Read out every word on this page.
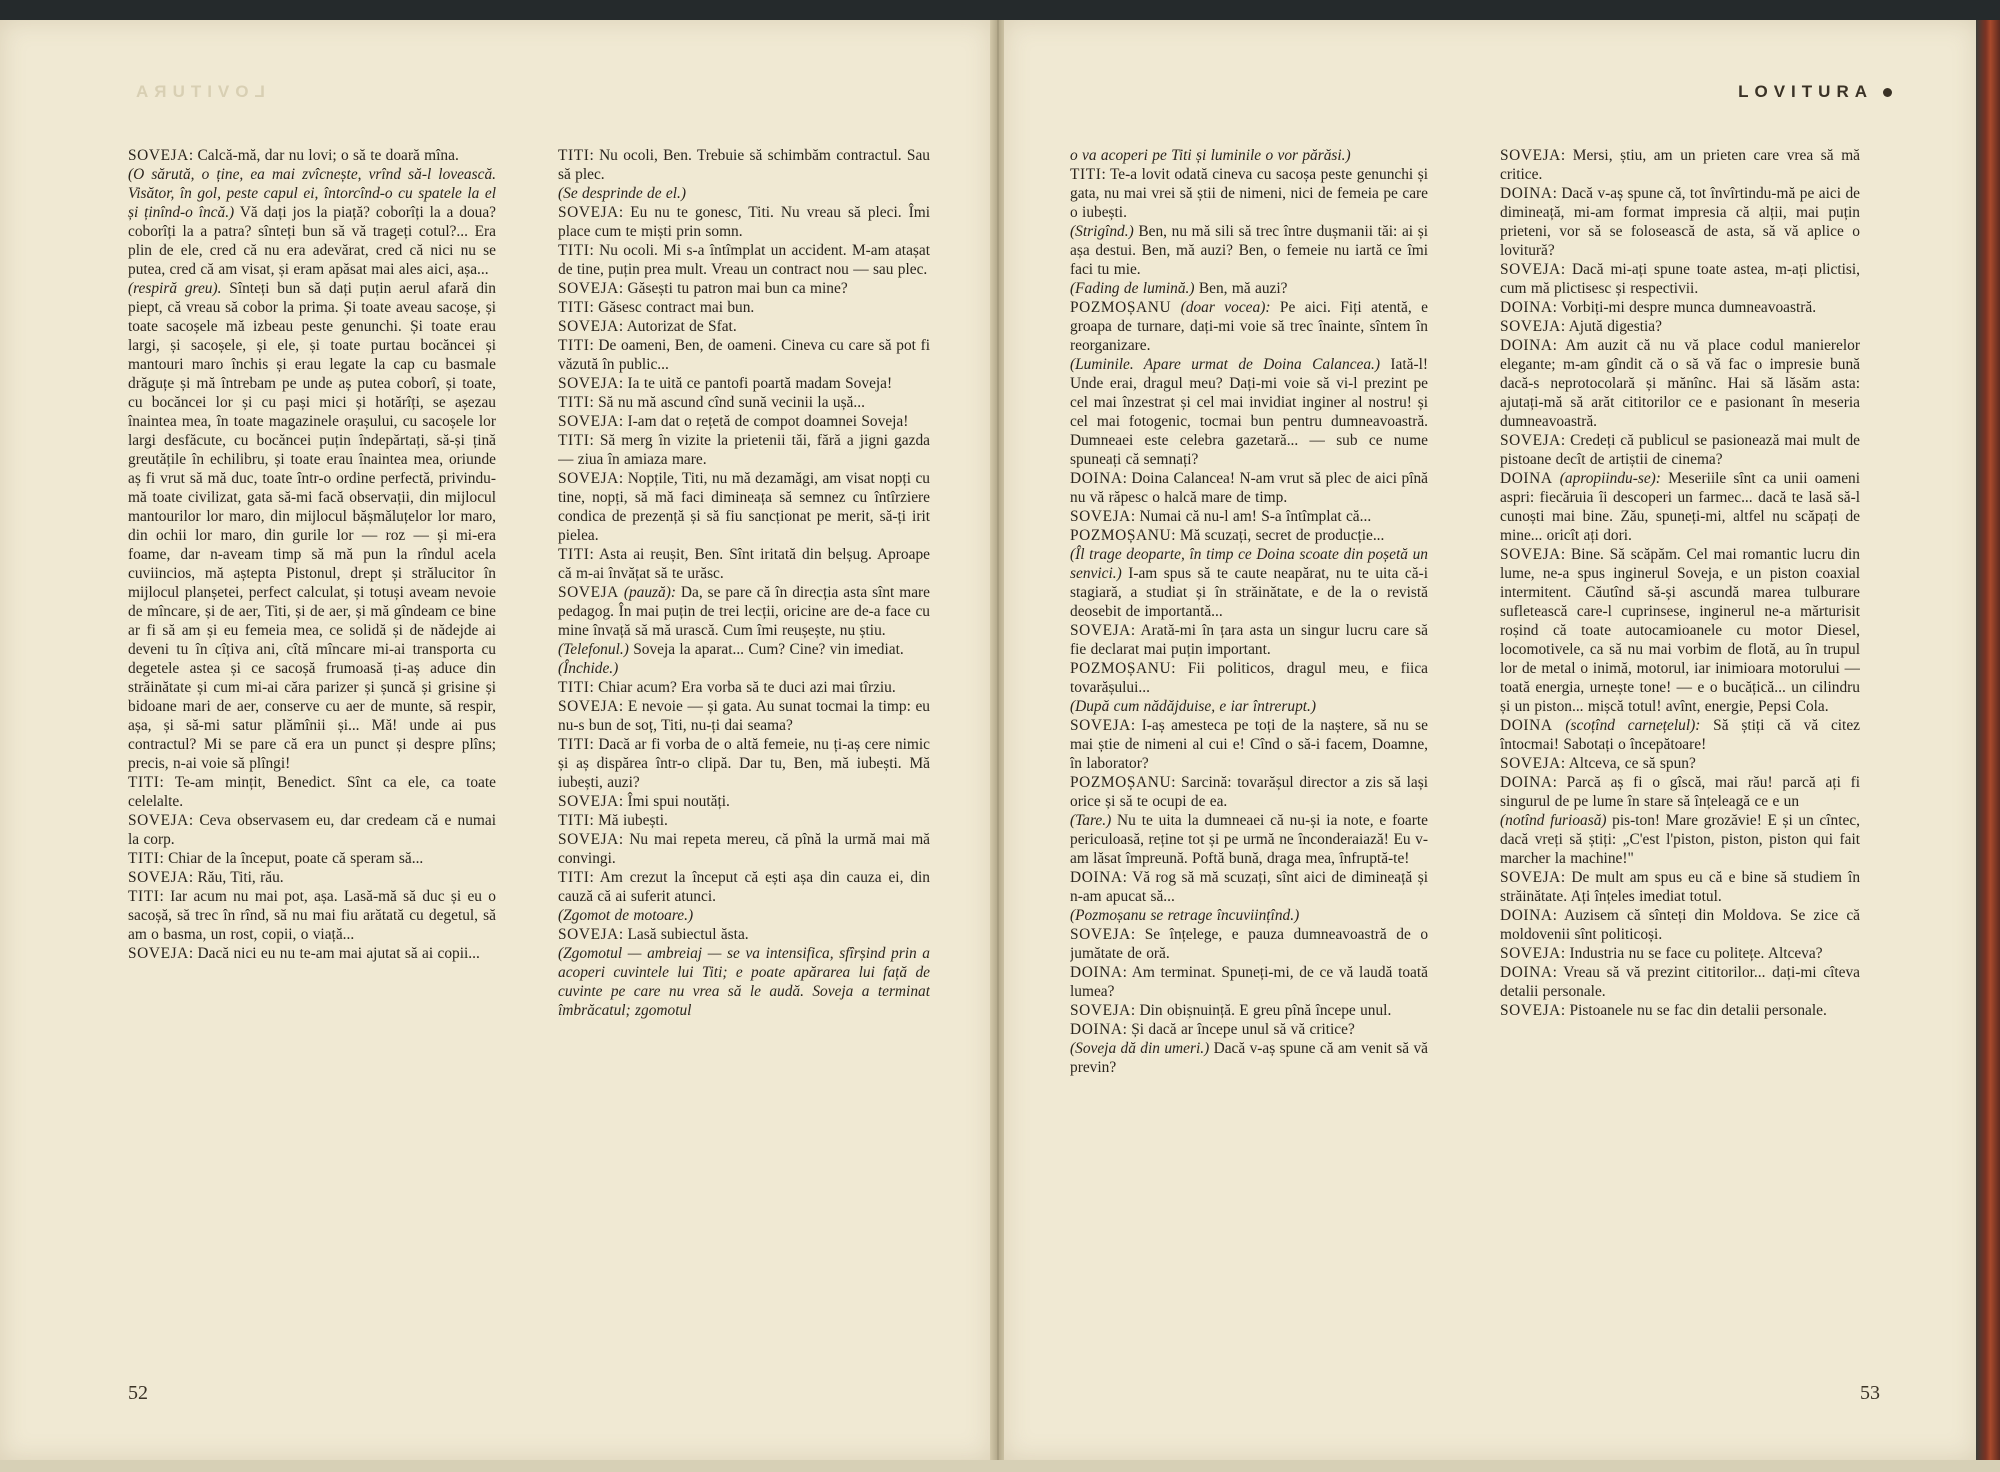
LOVITURA

SOVEJA: Calcă-mă, dar nu lovi; o să te doară mîna.

(O sărută, o ține, ea mai zvîcnește, vrînd să-l lovească. Visător, în gol, peste capul ei, întorcînd-o cu spatele la el și ținînd-o încă.) Vă dați jos la piață? coborîți la a doua? coborîți la a patra? sînteți bun să vă trageți cotul?... Era plin de ele, cred că nu era adevărat, cred că nici nu se putea, cred că am visat, și eram apăsat mai ales aici, așa...

(respiră greu). Sînteți bun să dați puțin aerul afară din piept, că vreau să cobor la prima. Și toate aveau sacoșe, și toate sacoșele mă izbeau peste genunchi. Și toate erau largi, și sacoșele, și ele, și toate purtau bocăncei și mantouri maro închis și erau legate la cap cu basmale drăguțe și mă întrebam pe unde aș putea coborî, și toate, cu bocăncei lor și cu pași mici și hotărîți, se așezau înaintea mea, în toate magazinele orașului, cu sacoșele lor largi desfăcute, cu bocăncei puțin îndepărtați, să-și țină greutățile în echilibru, și toate erau înaintea mea, oriunde aș fi vrut să mă duc, toate într-o ordine perfectă, privindu-mă toate civilizat, gata să-mi facă observații, din mijlocul mantourilor lor maro, din mijlocul bășmăluțelor lor maro, din ochii lor maro, din gurile lor — roz — și mi-era foame, dar n-aveam timp să mă pun la rîndul acela cuviincios, mă aștepta Pistonul, drept și strălucitor în mijlocul planșetei, perfect calculat, și totuși aveam nevoie de mîncare, și de aer, Titi, și de aer, și mă gîndeam ce bine ar fi să am și eu femeia mea, ce solidă și de nădejde ai deveni tu în cîțiva ani, cîtă mîncare mi-ai transporta cu degetele astea și ce sacoșă frumoasă ți-aș aduce din străinătate și cum mi-ai căra parizer și șuncă și grisine și bidoane mari de aer, conserve cu aer de munte, să respir, așa, și să-mi satur plămînii și... Mă! unde ai pus contractul? Mi se pare că era un punct și despre plîns; precis, n-ai voie să plîngi!

TITI: Te-am mințit, Benedict. Sînt ca ele, ca toate celelalte.

SOVEJA: Ceva observasem eu, dar credeam că e numai la corp.

TITI: Chiar de la început, poate că speram să...

SOVEJA: Rău, Titi, rău.

TITI: Iar acum nu mai pot, așa. Lasă-mă să duc și eu o sacoșă, să trec în rînd, să nu mai fiu arătată cu degetul, să am o basma, un rost, copii, o viață...

SOVEJA: Dacă nici eu nu te-am mai ajutat să ai copii...

TITI: Nu ocoli, Ben. Trebuie să schimbăm contractul. Sau să plec.

(Se desprinde de el.)

SOVEJA: Eu nu te gonesc, Titi. Nu vreau să pleci. Îmi place cum te miști prin somn.

TITI: Nu ocoli. Mi s-a întîmplat un accident. M-am atașat de tine, puțin prea mult. Vreau un contract nou — sau plec.

SOVEJA: Găsești tu patron mai bun ca mine?

TITI: Găsesc contract mai bun.

SOVEJA: Autorizat de Sfat.

TITI: De oameni, Ben, de oameni. Cineva cu care să pot fi văzută în public...

SOVEJA: Ia te uită ce pantofi poartă madam Soveja!

TITI: Să nu mă ascund cînd sună vecinii la ușă...

SOVEJA: I-am dat o rețetă de compot doamnei Soveja!

TITI: Să merg în vizite la prietenii tăi, fără a jigni gazda — ziua în amiaza mare.

SOVEJA: Nopțile, Titi, nu mă dezamăgi, am visat nopți cu tine, nopți, să mă faci dimineața să semnez cu întîrziere condica de prezență și să fiu sancționat pe merit, să-ți irit pielea.

TITI: Asta ai reușit, Ben. Sînt iritată din belșug. Aproape că m-ai învățat să te urăsc.

SOVEJA (pauză): Da, se pare că în direcția asta sînt mare pedagog. În mai puțin de trei lecții, oricine are de-a face cu mine învață să mă urască. Cum îmi reușește, nu știu.

(Telefonul.) Soveja la aparat... Cum? Cine? vin imediat.

(Închide.)

TITI: Chiar acum? Era vorba să te duci azi mai tîrziu.

SOVEJA: E nevoie — și gata. Au sunat tocmai la timp: eu nu-s bun de soț, Titi, nu-ți dai seama?

TITI: Dacă ar fi vorba de o altă femeie, nu ți-aș cere nimic și aș dispărea într-o clipă. Dar tu, Ben, mă iubești. Mă iubești, auzi?

SOVEJA: Îmi spui noutăți.

TITI: Mă iubești.

SOVEJA: Nu mai repeta mereu, că pînă la urmă mai mă convingi.

TITI: Am crezut la început că ești așa din cauza ei, din cauză că ai suferit atunci.

(Zgomot de motoare.)

SOVEJA: Lasă subiectul ăsta.

(Zgomotul — ambreiaj — se va intensifica, sfîrșind prin a acoperi cuvintele lui Titi; e poate apărarea lui față de cuvinte pe care nu vrea să le audă. Soveja a terminat îmbrăcatul; zgomotul

52
LOVITURA

o va acoperi pe Titi și luminile o vor părăsi.)

TITI: Te-a lovit odată cineva cu sacoșa peste genunchi și gata, nu mai vrei să știi de nimeni, nici de femeia pe care o iubești.

(Strigînd.) Ben, nu mă sili să trec între dușmanii tăi: ai și așa destui. Ben, mă auzi? Ben, o femeie nu iartă ce îmi faci tu mie.

(Fading de lumină.) Ben, mă auzi?

POZMOȘANU (doar vocea): Pe aici. Fiți atentă, e groapa de turnare, dați-mi voie să trec înainte, sîntem în reorganizare.

(Luminile. Apare urmat de Doina Calancea.) Iată-l! Unde erai, dragul meu? Dați-mi voie să vi-l prezint pe cel mai înzestrat și cel mai invidiat inginer al nostru! și cel mai fotogenic, tocmai bun pentru dumneavoastră. Dumneaei este celebra gazetară... — sub ce nume spuneați că semnați?

DOINA: Doina Calancea! N-am vrut să plec de aici pînă nu vă răpesc o halcă mare de timp.

SOVEJA: Numai că nu-l am! S-a întîmplat că...

POZMOȘANU: Mă scuzați, secret de producție...

(Îl trage deoparte, în timp ce Doina scoate din poșetă un senvici.) I-am spus să te caute neapărat, nu te uita că-i stagiară, a studiat și în străinătate, e de la o revistă deosebit de importantă...

SOVEJA: Arată-mi în țara asta un singur lucru care să fie declarat mai puțin important.

POZMOȘANU: Fii politicos, dragul meu, e fiica tovarășului...

(După cum nădăjduise, e iar întrerupt.)

SOVEJA: I-aș amesteca pe toți de la naștere, să nu se mai știe de nimeni al cui e! Cînd o să-i facem, Doamne, în laborator?

POZMOȘANU: Sarcină: tovarășul director a zis să lași orice și să te ocupi de ea.

(Tare.) Nu te uita la dumneaei că nu-și ia note, e foarte periculoasă, reține tot și pe urmă ne înconderaiază! Eu v-am lăsat împreună. Poftă bună, draga mea, înfruptă-te!

DOINA: Vă rog să mă scuzați, sînt aici de dimineață și n-am apucat să...

(Pozmoșanu se retrage încuviințînd.)

SOVEJA: Se înțelege, e pauza dumneavoastră de o jumătate de oră.

DOINA: Am terminat. Spuneți-mi, de ce vă laudă toată lumea?

SOVEJA: Din obișnuință. E greu pînă începe unul.

DOINA: Și dacă ar începe unul să vă critice?

(Soveja dă din umeri.) Dacă v-aș spune că am venit să vă previn?

SOVEJA: Mersi, știu, am un prieten care vrea să mă critice.

DOINA: Dacă v-aș spune că, tot învîrtindu-mă pe aici de dimineață, mi-am format impresia că alții, mai puțin prieteni, vor să se folosească de asta, să vă aplice o lovitură?

SOVEJA: Dacă mi-ați spune toate astea, m-ați plictisi, cum mă plictisesc și respectivii.

DOINA: Vorbiți-mi despre munca dumneavoastră.

SOVEJA: Ajută digestia?

DOINA: Am auzit că nu vă place codul manierelor elegante; m-am gîndit că o să vă fac o impresie bună dacă-s neprotocolară și mănînc. Hai să lăsăm asta: ajutați-mă să arăt cititorilor ce e pasionant în meseria dumneavoastră.

SOVEJA: Credeți că publicul se pasionează mai mult de pistoane decît de artiștii de cinema?

DOINA (apropiindu-se): Meseriile sînt ca unii oameni aspri: fiecăruia îi descoperi un farmec... dacă te lasă să-l cunoști mai bine. Zău, spuneți-mi, altfel nu scăpați de mine... oricît ați dori.

SOVEJA: Bine. Să scăpăm. Cel mai romantic lucru din lume, ne-a spus inginerul Soveja, e un piston coaxial intermitent. Căutînd să-și ascundă marea tulburare sufletească care-l cuprinsese, inginerul ne-a mărturisit roșind că toate autocamioanele cu motor Diesel, locomotivele, ca să nu mai vorbim de flotă, au în trupul lor de metal o inimă, motorul, iar inimioara motorului — toată energia, urnește tone! — e o bucățică... un cilindru și un piston... mișcă totul! avînt, energie, Pepsi Cola.

DOINA (scoțînd carnețelul): Să știți că vă citez întocmai! Sabotați o începătoare!

SOVEJA: Altceva, ce să spun?

DOINA: Parcă aș fi o gîscă, mai rău! parcă ați fi singurul de pe lume în stare să înțeleagă ce e un

(notînd furioasă) pis-ton! Mare grozăvie! E și un cîntec, dacă vreți să știți: „C'est l'piston, piston, piston qui fait marcher la machine!"

SOVEJA: De mult am spus eu că e bine să studiem în străinătate. Ați înțeles imediat totul.

DOINA: Auzisem că sînteți din Moldova. Se zice că moldovenii sînt politicoși.

SOVEJA: Industria nu se face cu politețe. Altceva?

DOINA: Vreau să vă prezint cititorilor... dați-mi cîteva detalii personale.

SOVEJA: Pistoanele nu se fac din detalii personale.

53
